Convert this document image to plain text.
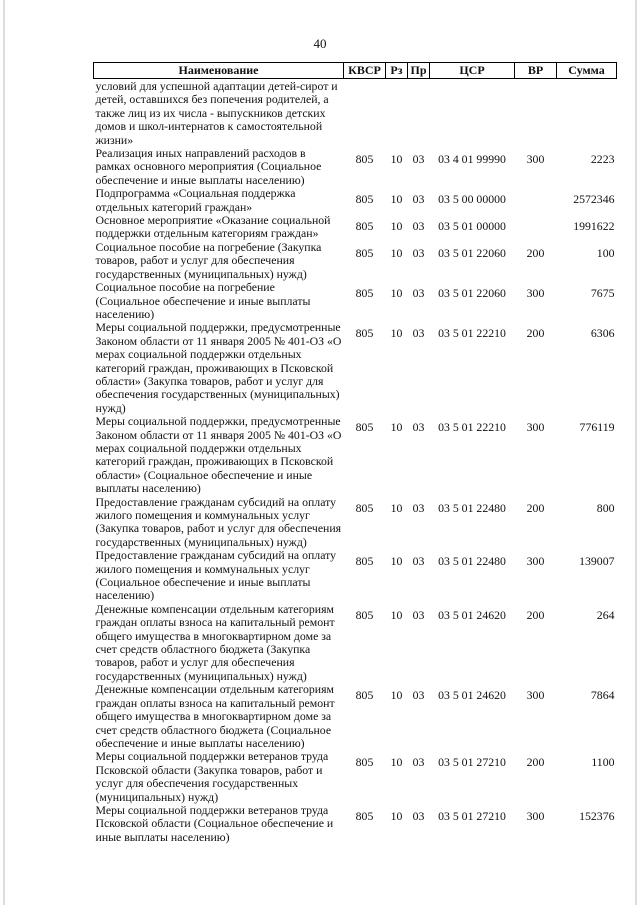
40
Наименование	КВСР	Рз	Пр	ЦСР	ВР	Сумма
условий для успешной адаптации детей-сирот и детей, оставшихся без попечения родителей, а также лиц из их числа - выпускников детских домов и школ-интернатов к самостоятельной жизни»						
Реализация иных направлений расходов в рамках основного мероприятия (Социальное обеспечение и иные выплаты населению)	805	10	03	03 4 01 99990	300	2223
Подпрограмма «Социальная поддержка отдельных категорий граждан»	805	10	03	03 5 00 00000		2572346
Основное мероприятие «Оказание социальной поддержки отдельным категориям граждан»	805	10	03	03 5 01 00000		1991622
Социальное пособие на погребение (Закупка товаров, работ и услуг для обеспечения государственных (муниципальных) нужд)	805	10	03	03 5 01 22060	200	100
Социальное пособие на погребение (Социальное обеспечение и иные выплаты населению)	805	10	03	03 5 01 22060	300	7675
Меры социальной поддержки, предусмотренные Законом области от 11 января 2005 № 401-ОЗ «О мерах социальной поддержки отдельных категорий граждан, проживающих в Псковской области» (Закупка товаров, работ и услуг для обеспечения государственных (муниципальных) нужд)	805	10	03	03 5 01 22210	200	6306
Меры социальной поддержки, предусмотренные Законом области от 11 января 2005 № 401-ОЗ «О мерах социальной поддержки отдельных категорий граждан, проживающих в Псковской области» (Социальное обеспечение и иные выплаты населению)	805	10	03	03 5 01 22210	300	776119
Предоставление гражданам субсидий на оплату жилого помещения и коммунальных услуг (Закупка товаров, работ и услуг для обеспечения государственных (муниципальных) нужд)	805	10	03	03 5 01 22480	200	800
Предоставление гражданам субсидий на оплату жилого помещения и коммунальных услуг (Социальное обеспечение и иные выплаты населению)	805	10	03	03 5 01 22480	300	139007
Денежные компенсации отдельным категориям граждан оплаты взноса на капитальный ремонт общего имущества в многоквартирном доме за счет средств областного бюджета (Закупка товаров, работ и услуг для обеспечения государственных (муниципальных) нужд)	805	10	03	03 5 01 24620	200	264
Денежные компенсации отдельным категориям граждан оплаты взноса на капитальный ремонт общего имущества в многоквартирном доме за счет средств областного бюджета (Социальное обеспечение и иные выплаты населению)	805	10	03	03 5 01 24620	300	7864
Меры социальной поддержки ветеранов труда Псковской области (Закупка товаров, работ и услуг для обеспечения государственных (муниципальных) нужд)	805	10	03	03 5 01 27210	200	1100
Меры социальной поддержки ветеранов труда Псковской области (Социальное обеспечение и иные выплаты населению)	805	10	03	03 5 01 27210	300	152376
